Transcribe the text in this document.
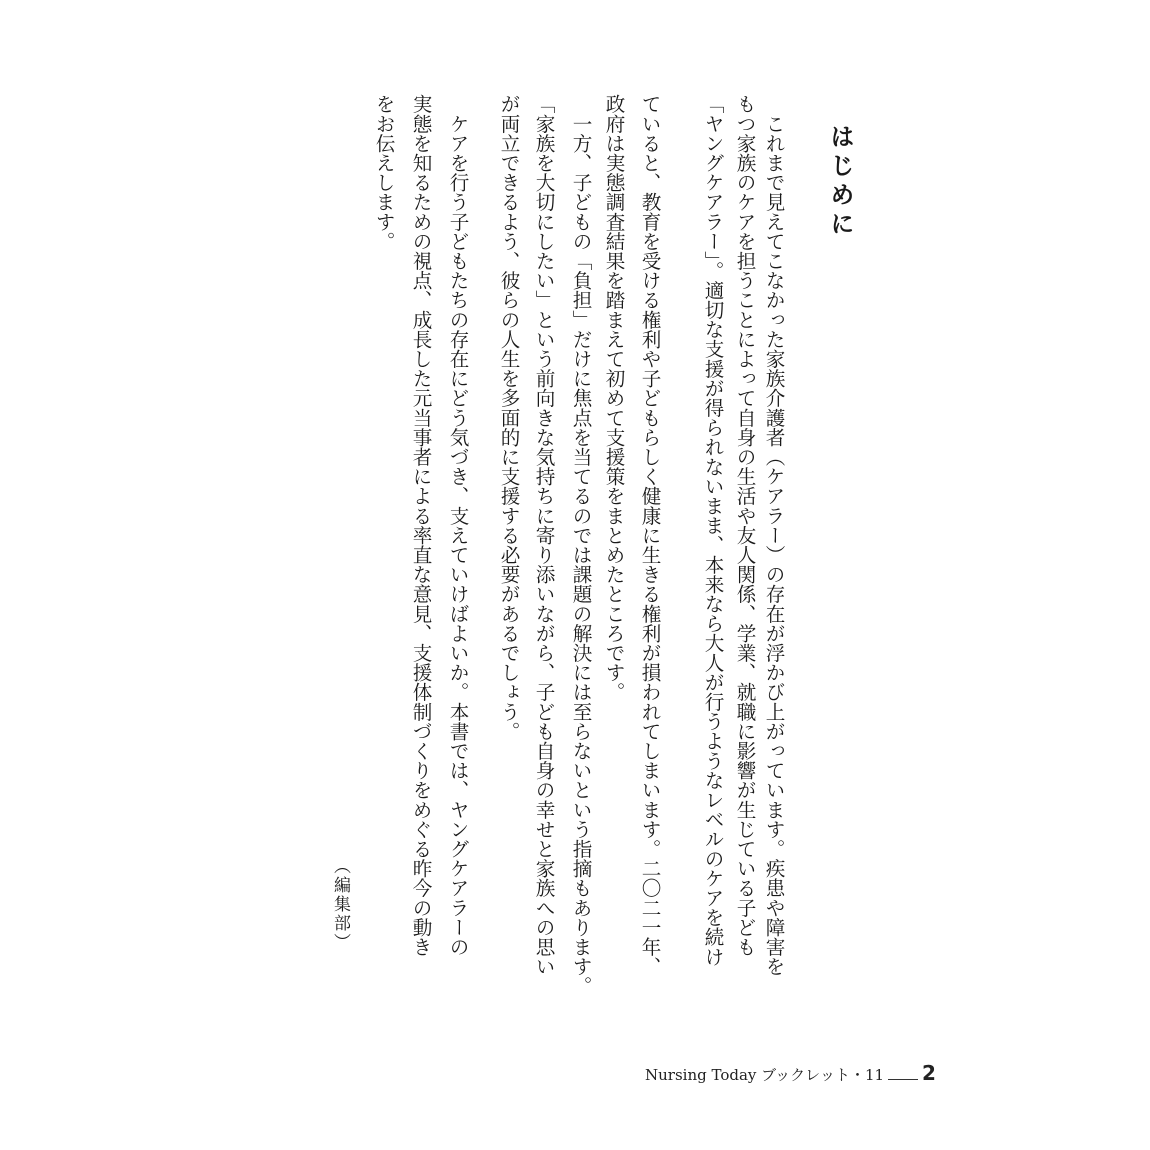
はじめに
　これまで見えてこなかった家族介護者（ケアラー）の存在が浮かび上がっています。疾患や障害を
もつ家族のケアを担うことによって自身の生活や友人関係、学業、就職に影響が生じている子ども
「ヤングケアラー」。適切な支援が得られないまま、本来なら大人が行うようなレベルのケアを続け
ていると、教育を受ける権利や子どもらしく健康に生きる権利が損われてしまいます。二〇二一年、
政府は実態調査結果を踏まえて初めて支援策をまとめたところです。
　一方、子どもの「負担」だけに焦点を当てるのでは課題の解決には至らないという指摘もあります。
「家族を大切にしたい」という前向きな気持ちに寄り添いながら、子ども自身の幸せと家族への思い
が両立できるよう、彼らの人生を多面的に支援する必要があるでしょう。
　ケアを行う子どもたちの存在にどう気づき、支えていけばよいか。本書では、ヤングケアラーの
実態を知るための視点、成長した元当事者による率直な意見、支援体制づくりをめぐる昨今の動き
をお伝えします。
（編集部）
Nursing Today ブックレット・11 2
